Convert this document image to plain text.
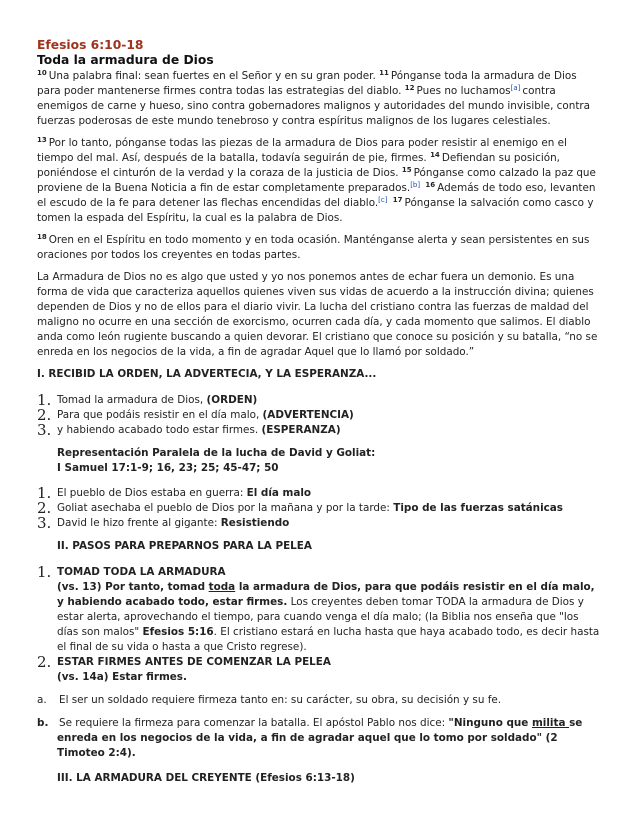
Efesios 6:10-18
Toda la armadura de Dios

$^{10}$ Una palabra final: sean fuertes en el Señor y en su gran poder. $^{11}$ Pónganse toda la armadura de Dios para poder mantenerse firmes contra todas las estrategias del diablo. $^{12}$ Pues no luchamos[a] contra enemigos de carne y hueso, sino contra gobernadores malignos y autoridades del mundo invisible, contra fuerzas poderosas de este mundo tenebroso y contra espíritus malignos de los lugares celestiales.

$^{13}$ Por lo tanto, pónganse todas las piezas de la armadura de Dios para poder resistir al enemigo en el tiempo del mal. Así, después de la batalla, todavía seguirán de pie, firmes. $^{14}$ Defiendan su posición, poniéndose el cinturón de la verdad y la coraza de la justicia de Dios. $^{15}$ Pónganse como calzado la paz que proviene de la Buena Noticia a fin de estar completamente preparados.[b] $^{16}$ Además de todo eso, levanten el escudo de la fe para detener las flechas encendidas del diablo.[c] $^{17}$ Pónganse la salvación como casco y tomen la espada del Espíritu, la cual es la palabra de Dios.

$^{18}$ Oren en el Espíritu en todo momento y en toda ocasión. Manténganse alerta y sean persistentes en sus oraciones por todos los creyentes en todas partes.

La Armadura de Dios no es algo que usted y yo nos ponemos antes de echar fuera un demonio. Es una forma de vida que caracteriza aquellos quienes viven sus vidas de acuerdo a la instrucción divina; quienes dependen de Dios y no de ellos para el diario vivir. La lucha del cristiano contra las fuerzas de maldad del maligno no ocurre en una sección de exorcismo, ocurren cada día, y cada momento que salimos. El diablo anda como león rugiente buscando a quien devorar. El cristiano que conoce su posición y su batalla, “no se enreda en los negocios de la vida, a fin de agradar Aquel que lo llamó por soldado.”

I. RECIBID LA ORDEN, LA ADVERTECIA, Y LA ESPERANZA...
1. Tomad la armadura de Dios, (ORDEN)
2. Para que podáis resistir en el día malo, (ADVERTENCIA)
3. y habiendo acabado todo estar firmes. (ESPERANZA)
Representación Paralela de la lucha de David y Goliat:
I Samuel 17:1-9; 16, 23; 25; 45-47; 50
1. El pueblo de Dios estaba en guerra: El día malo
2. Goliat asechaba el pueblo de Dios por la mañana y por la tarde: Tipo de las fuerzas satánicas
3. David le hizo frente al gigante: Resistiendo
II. PASOS PARA PREPARNOS PARA LA PELEA
1. TOMAD TODA LA ARMADURA
(vs. 13) Por tanto, tomad toda la armadura de Dios, para que podáis resistir en el día malo, y habiendo acabado todo, estar firmes. Los creyentes deben tomar TODA la armadura de Dios y estar alerta, aprovechando el tiempo, para cuando venga el día malo; (la Biblia nos enseña que "los días son malos" Efesios 5:16. El cristiano estará en lucha hasta que haya acabado todo, es decir hasta el final de su vida o hasta a que Cristo regrese).
2. ESTAR FIRMES ANTES DE COMENZAR LA PELEA
(vs. 14a) Estar firmes.
a. El ser un soldado requiere firmeza tanto en: su carácter, su obra, su decisión y su fe.
b. Se requiere la firmeza para comenzar la batalla. El apóstol Pablo nos dice: "Ninguno que milita se enreda en los negocios de la vida, a fin de agradar aquel que lo tomo por soldado" (2 Timoteo 2:4).
III. LA ARMADURA DEL CREYENTE (Efesios 6:13-18)
